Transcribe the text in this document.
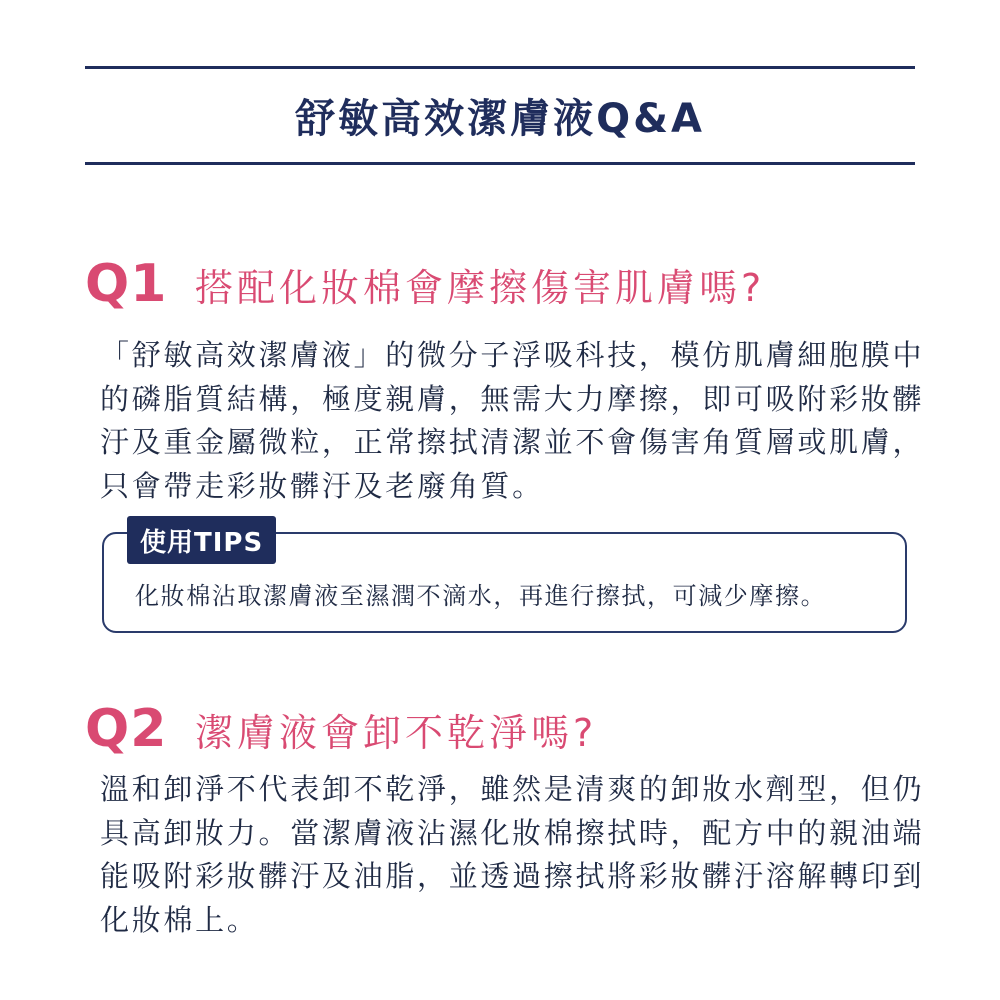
舒敏高效潔膚液Q&A
Q1 搭配化妝棉會摩擦傷害肌膚嗎?

「舒敏高效潔膚液」的微分子浮吸科技，模仿肌膚細胞膜中的磷脂質結構，極度親膚，無需大力摩擦，即可吸附彩妝髒汙及重金屬微粒，正常擦拭清潔並不會傷害角質層或肌膚，只會帶走彩妝髒汙及老廢角質。

使用TIPS
化妝棉沾取潔膚液至濕潤不滴水，再進行擦拭，可減少摩擦。
Q2 潔膚液會卸不乾淨嗎?

溫和卸淨不代表卸不乾淨，雖然是清爽的卸妝水劑型，但仍具高卸妝力。當潔膚液沾濕化妝棉擦拭時，配方中的親油端能吸附彩妝髒汙及油脂，並透過擦拭將彩妝髒汙溶解轉印到化妝棉上。
